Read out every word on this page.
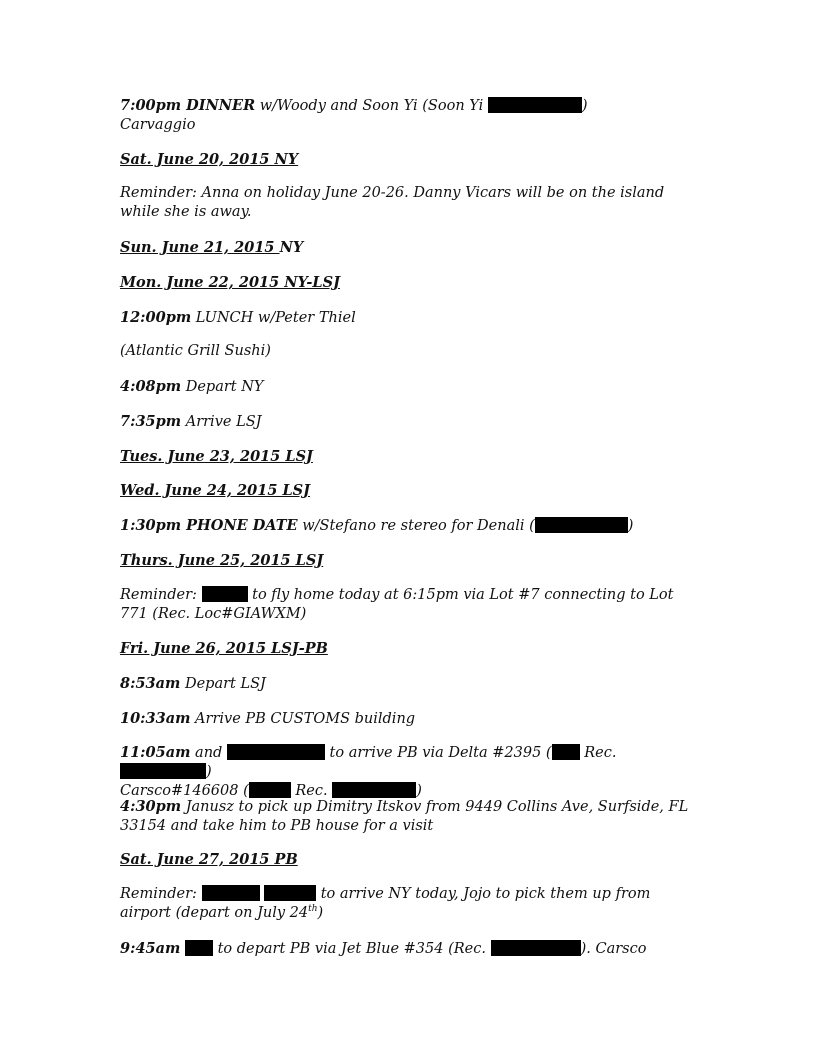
7:00pm DINNER w/Woody and Soon Yi (Soon Yi	)
Carvaggio
Sat. June 20, 2015 NY
Reminder: Anna on holiday June 20-26. Danny Vicars will be on the island while she is away.
Sun. June 21, 2015 NY
Mon. June 22, 2015 NY-LSJ
12:00pm LUNCH w/Peter Thiel
(Atlantic Grill Sushi)
4:08pm Depart NY
7:35pm Arrive LSJ
Tues. June 23, 2015 LSJ
Wed. June 24, 2015 LSJ
1:30pm PHONE DATE w/Stefano re stereo for Denali (	)
Thurs. June 25, 2015 LSJ
Reminder:	to fly home today at 6:15pm via Lot #7 connecting to Lot 771 (Rec. Loc#GIAWXM)
Fri. June 26, 2015 LSJ-PB
8:53am Depart LSJ
10:33am Arrive PB CUSTOMS building
11:05am and	to arrive PB via Delta #2395 ( Rec. )
Carsco#146608 (	Rec.	)
4:30pm Janusz to pick up Dimitry Itskov from 9449 Collins Ave, Surfside, FL 33154 and take him to PB house for a visit
Sat. June 27, 2015 PB
Reminder:	to arrive NY today, Jojo to pick them up from airport (depart on July 24th)
9:45am  to depart PB via Jet Blue #354 (Rec.	). Carsco
